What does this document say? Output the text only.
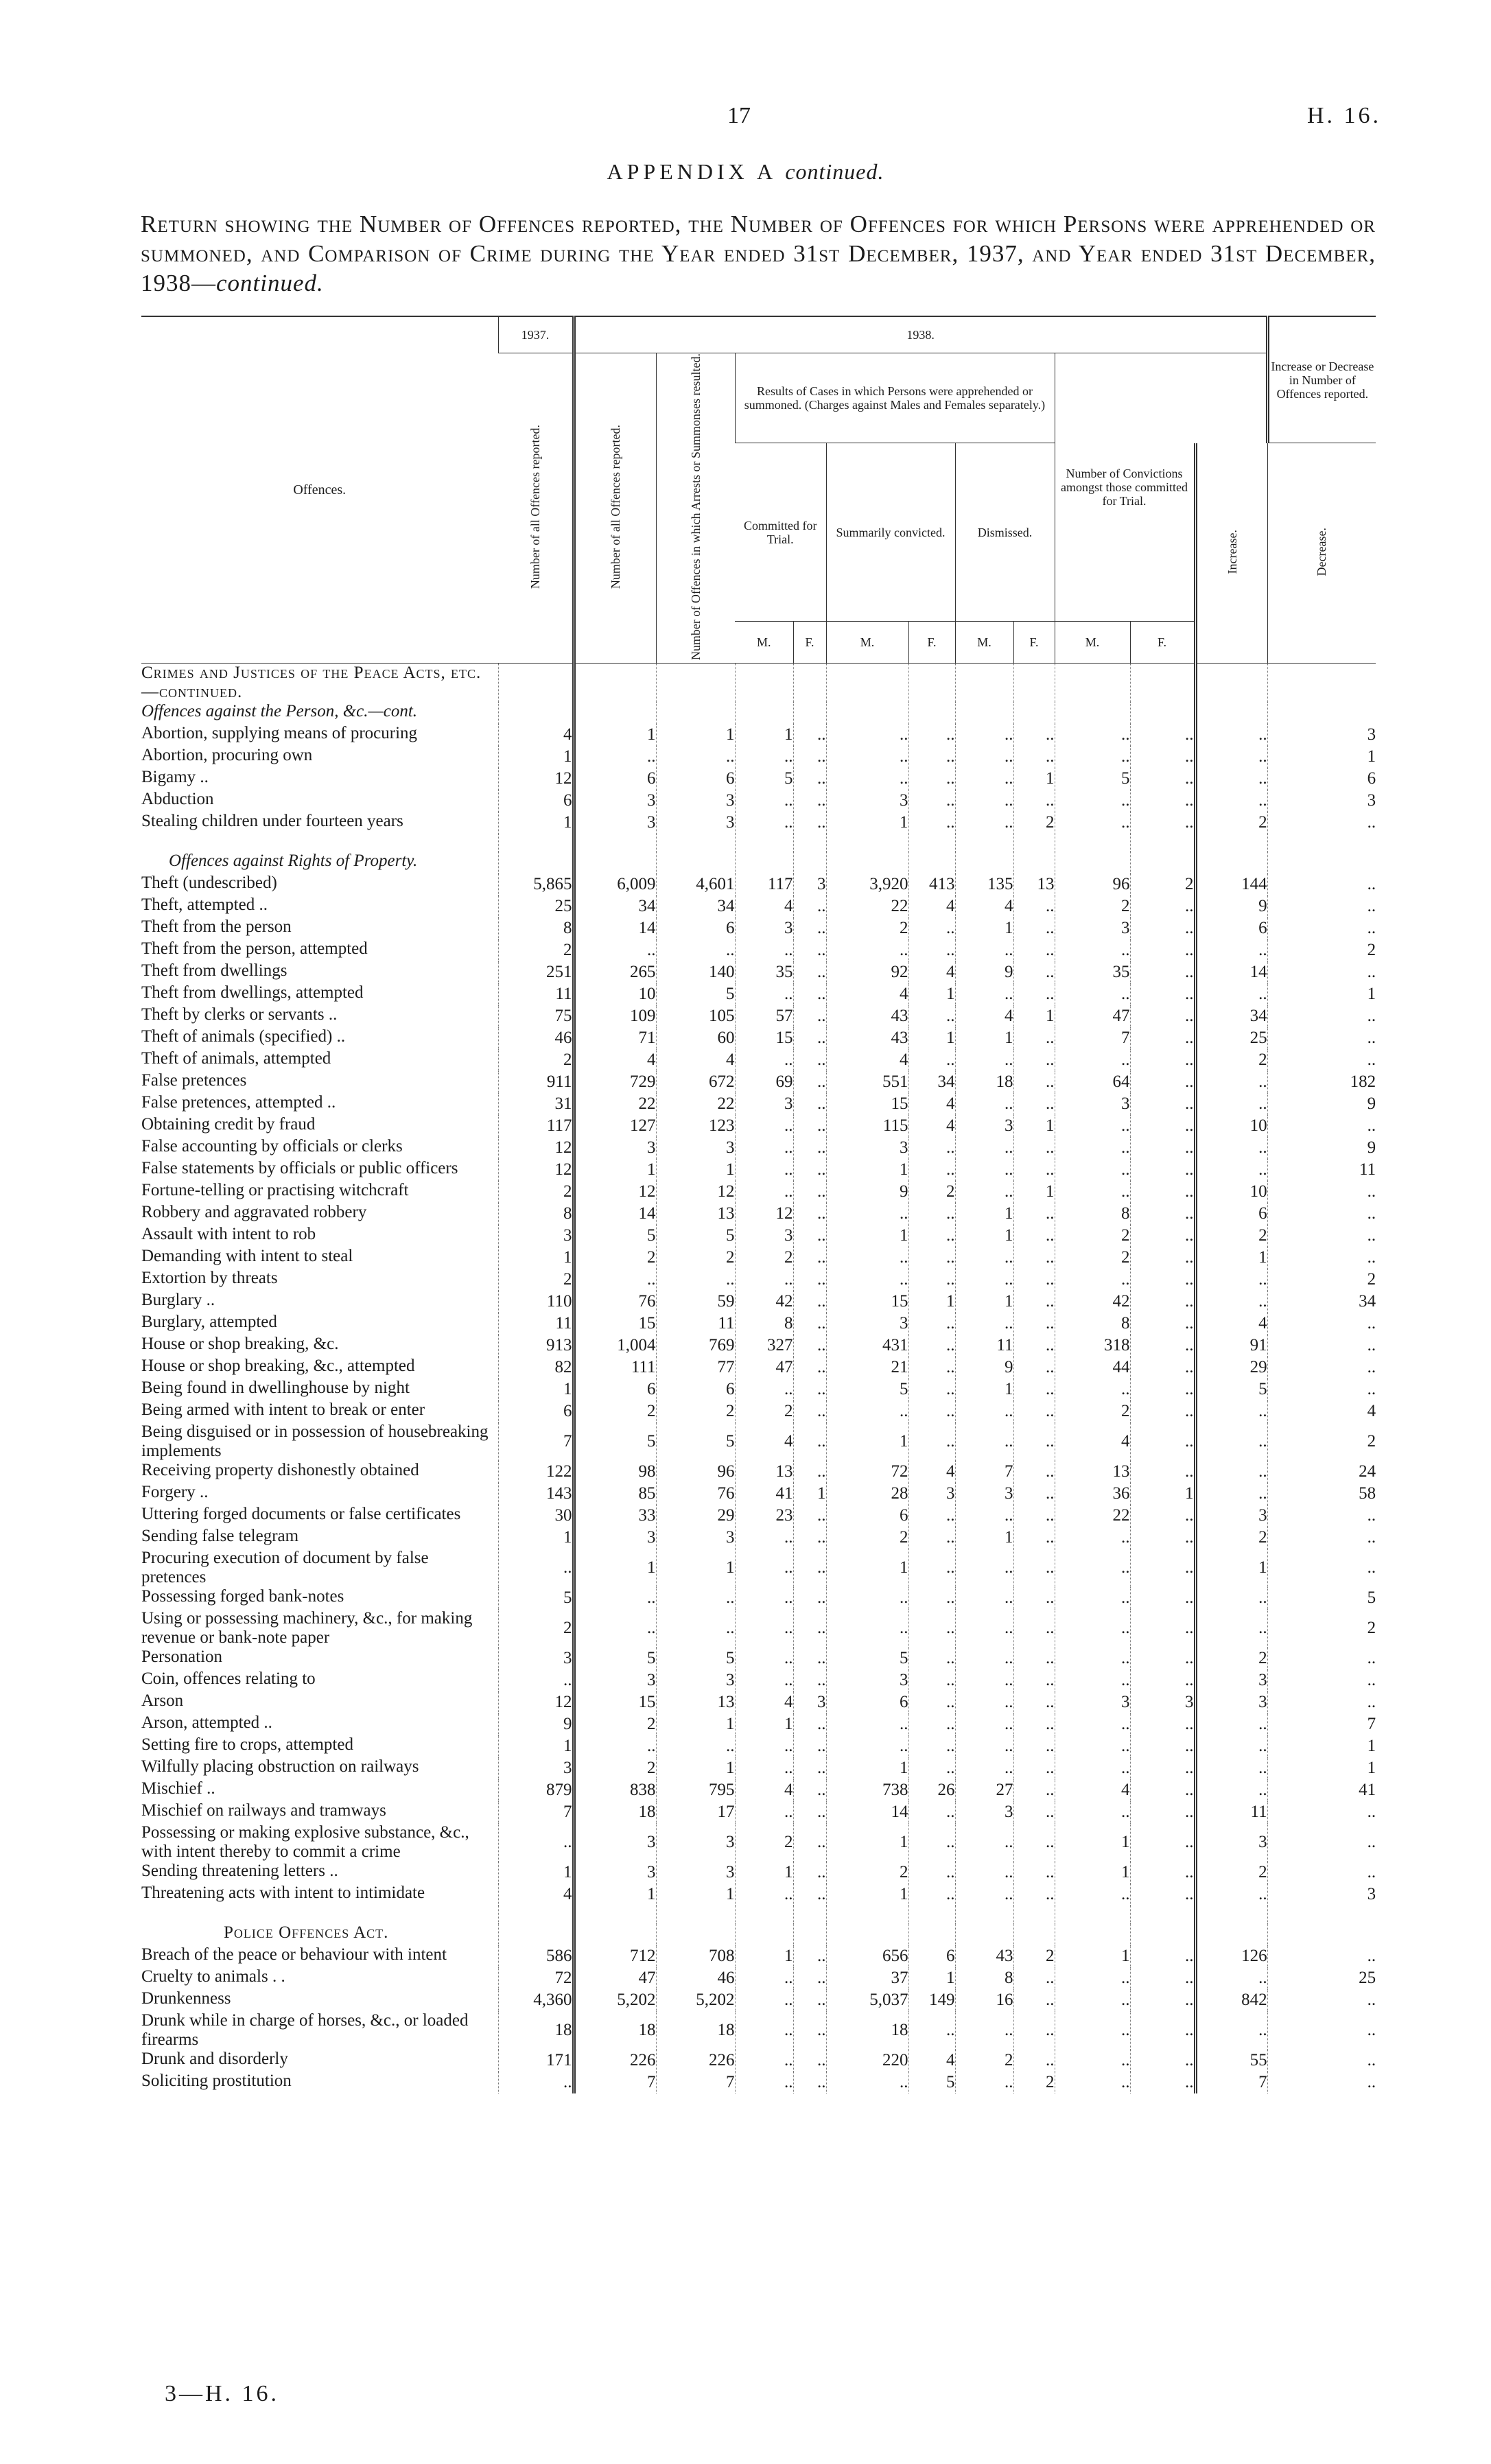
17	H. 16.
APPENDIX A continued.
Return showing the Number of Offences reported, the Number of Offences for which Persons were apprehended or summoned, and Comparison of Crime during the Year ended 31st December, 1937, and Year ended 31st December, 1938—continued.
Offences.	1937.	1938.											Increase or Decrease in Number of Offences reported.
	Number of all Offences reported.	Number of all Offences reported.	Number of Offences in which Arrests or Summonses resulted.	Results of Cases in which Persons were apprehended or summoned. (Charges against Males and Females separately.)						Number of Convictions amongst those committed for Trial.			
				Committed for Trial.		Summarily convicted.		Dismissed.				Increase.	Decrease.
				M.	F.	M.	F.	M.	F.	M.	F.		
Crimes and Justices of the Peace Acts, etc.—continued.													
Offences against the Person, &c.—cont.													
Abortion, supplying means of procuring	4	1	1	1	..	..	..	..	..	..	..	..	3
Abortion, procuring own	1	..	..	..	..	..	..	..	..	..	..	..	1
Bigamy ..	12	6	6	5	..	..	..	..	1	5	..	..	6
Abduction	6	3	3	..	..	3	..	..	..	..	..	..	3
Stealing children under fourteen years	1	3	3	..	..	1	..	..	2	..	..	2	..

Offences against Rights of Property.													
Theft (undescribed)	5,865	6,009	4,601	117	3	3,920	413	135	13	96	2	144	..
Theft, attempted ..	25	34	34	4	..	22	4	4	..	2	..	9	..
Theft from the person	8	14	6	3	..	2	..	1	..	3	..	6	..
Theft from the person, attempted	2	..	..	..	..	..	..	..	..	..	..	..	2
Theft from dwellings	251	265	140	35	..	92	4	9	..	35	..	14	..
Theft from dwellings, attempted	11	10	5	..	..	4	1	..	..	..	..	..	1
Theft by clerks or servants ..	75	109	105	57	..	43	..	4	1	47	..	34	..
Theft of animals (specified) ..	46	71	60	15	..	43	1	1	..	7	..	25	..
Theft of animals, attempted	2	4	4	..	..	4	..	..	..	..	..	2	..
False pretences	911	729	672	69	..	551	34	18	..	64	..	..	182
False pretences, attempted ..	31	22	22	3	..	15	4	..	..	3	..	..	9
Obtaining credit by fraud	117	127	123	..	..	115	4	3	1	..	..	10	..
False accounting by officials or clerks	12	3	3	..	..	3	..	..	..	..	..	..	9
False statements by officials or public officers	12	1	1	..	..	1	..	..	..	..	..	..	11
Fortune-telling or practising witchcraft	2	12	12	..	..	9	2	..	1	..	..	10	..
Robbery and aggravated robbery	8	14	13	12	..	..	..	1	..	8	..	6	..
Assault with intent to rob	3	5	5	3	..	1	..	1	..	2	..	2	..
Demanding with intent to steal	1	2	2	2	..	..	..	..	..	2	..	1	..
Extortion by threats	2	..	..	..	..	..	..	..	..	..	..	..	2
Burglary ..	110	76	59	42	..	15	1	1	..	42	..	..	34
Burglary, attempted	11	15	11	8	..	3	..	..	..	8	..	4	..
House or shop breaking, &c.	913	1,004	769	327	..	431	..	11	..	318	..	91	..
House or shop breaking, &c., attempted	82	111	77	47	..	21	..	9	..	44	..	29	..
Being found in dwellinghouse by night	1	6	6	..	..	5	..	1	..	..	..	5	..
Being armed with intent to break or enter	6	2	2	2	..	..	..	..	..	2	..	..	4
Being disguised or in possession of housebreaking implements	7	5	5	4	..	1	..	..	..	4	..	..	2
Receiving property dishonestly obtained	122	98	96	13	..	72	4	7	..	13	..	..	24
Forgery ..	143	85	76	41	1	28	3	3	..	36	1	..	58
Uttering forged documents or false certificates	30	33	29	23	..	6	..	..	..	22	..	3	..
Sending false telegram	1	3	3	..	..	2	..	1	..	..	..	2	..
Procuring execution of document by false pretences	..	1	1	..	..	1	..	..	..	..	..	1	..
Possessing forged bank-notes	5	..	..	..	..	..	..	..	..	..	..	..	5
Using or possessing machinery, &c., for making revenue or bank-note paper	2	..	..	..	..	..	..	..	..	..	..	..	2
Personation	3	5	5	..	..	5	..	..	..	..	..	2	..
Coin, offences relating to	..	3	3	..	..	3	..	..	..	..	..	3	..
Arson	12	15	13	4	3	6	..	..	..	3	3	3	..
Arson, attempted ..	9	2	1	1	..	..	..	..	..	..	..	..	7
Setting fire to crops, attempted	1	..	..	..	..	..	..	..	..	..	..	..	1
Wilfully placing obstruction on railways	3	2	1	..	..	1	..	..	..	..	..	..	1
Mischief ..	879	838	795	4	..	738	26	27	..	4	..	..	41
Mischief on railways and tramways	7	18	17	..	..	14	..	3	..	..	..	11	..
Possessing or making explosive substance, &c., with intent thereby to commit a crime	..	3	3	2	..	1	..	..	..	1	..	3	..
Sending threatening letters ..	1	3	3	1	..	2	..	..	..	1	..	2	..
Threatening acts with intent to intimidate	4	1	1	..	..	1	..	..	..	..	..	..	3

Police Offences Act.													
Breach of the peace or behaviour with intent	586	712	708	1	..	656	6	43	2	1	..	126	..
Cruelty to animals . .	72	47	46	..	..	37	1	8	..	..	..	..	25
Drunkenness	4,360	5,202	5,202	..	..	5,037	149	16	..	..	..	842	..
Drunk while in charge of horses, &c., or loaded firearms	18	18	18	..	..	18	..	..	..	..	..	..	..
Drunk and disorderly	171	226	226	..	..	220	4	2	..	..	..	55	..
Soliciting prostitution	..	7	7	..	..	..	5	..	2	..	..	7	..
3—H. 16.
